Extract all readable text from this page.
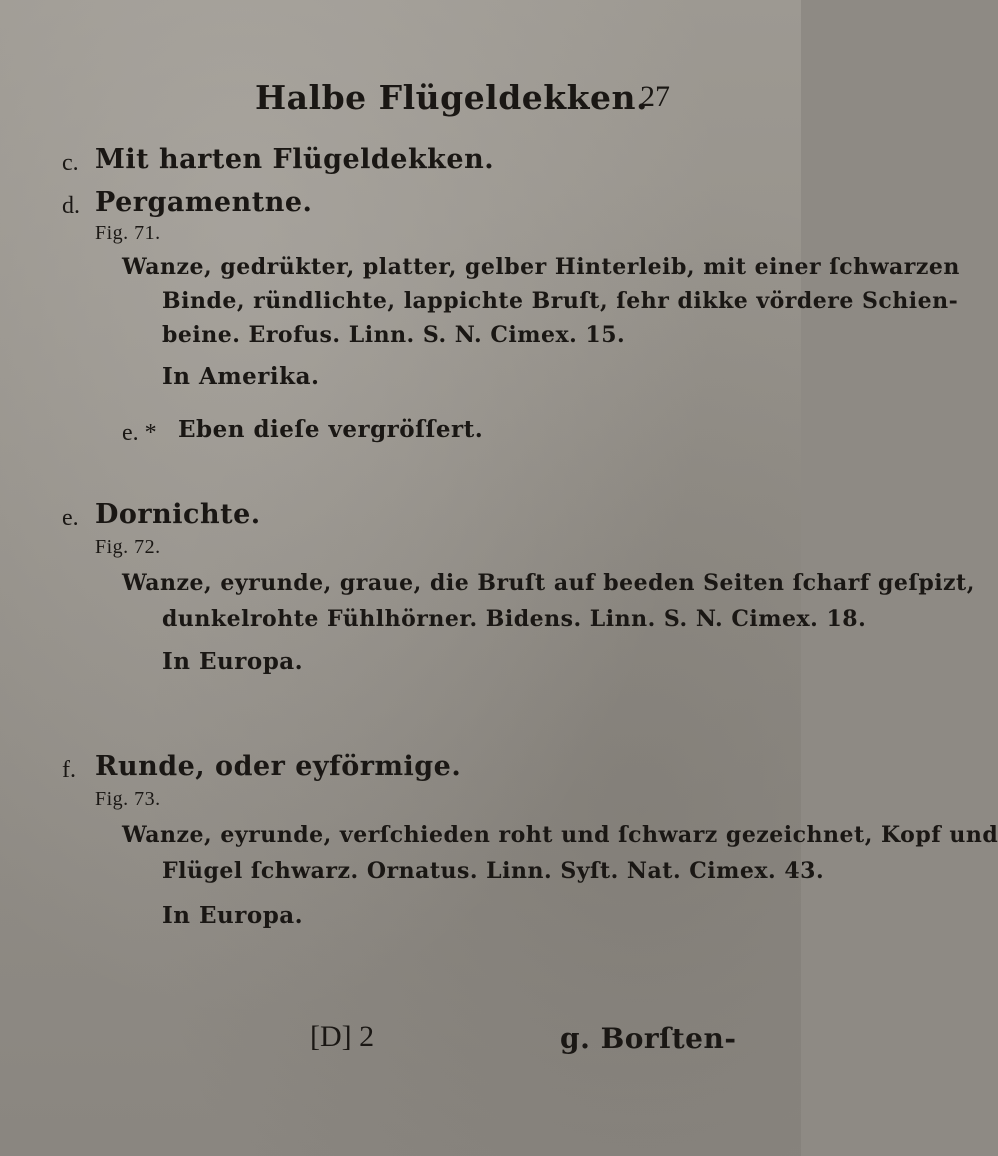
Halbe Flügeldekken.
27
c. Mit harten Flügeldekken.
d. Pergamentne.
Fig. 71.
Wanze, gedrükter, platter, gelber Hinterleib, mit einer ſchwarzen
Binde, ründlichte, lappichte Bruſt, ſehr dikke vördere Schien-
beine. Erofus. Linn. S. N. Cimex. 15.
In Amerika.
e. * Eben dieſe vergröſſert.
e. Dornichte.
Fig. 72.
Wanze, eyrunde, graue, die Bruſt auf beeden Seiten ſcharf geſpizt,
dunkelrohte Fühlhörner. Bidens. Linn. S. N. Cimex. 18.
In Europa.
f. Runde, oder eyförmige.
Fig. 73.
Wanze, eyrunde, verſchieden roht und ſchwarz gezeichnet, Kopf und
Flügel ſchwarz. Ornatus. Linn. Syſt. Nat. Cimex. 43.
In Europa.
[D] 2	g. Borſten-
